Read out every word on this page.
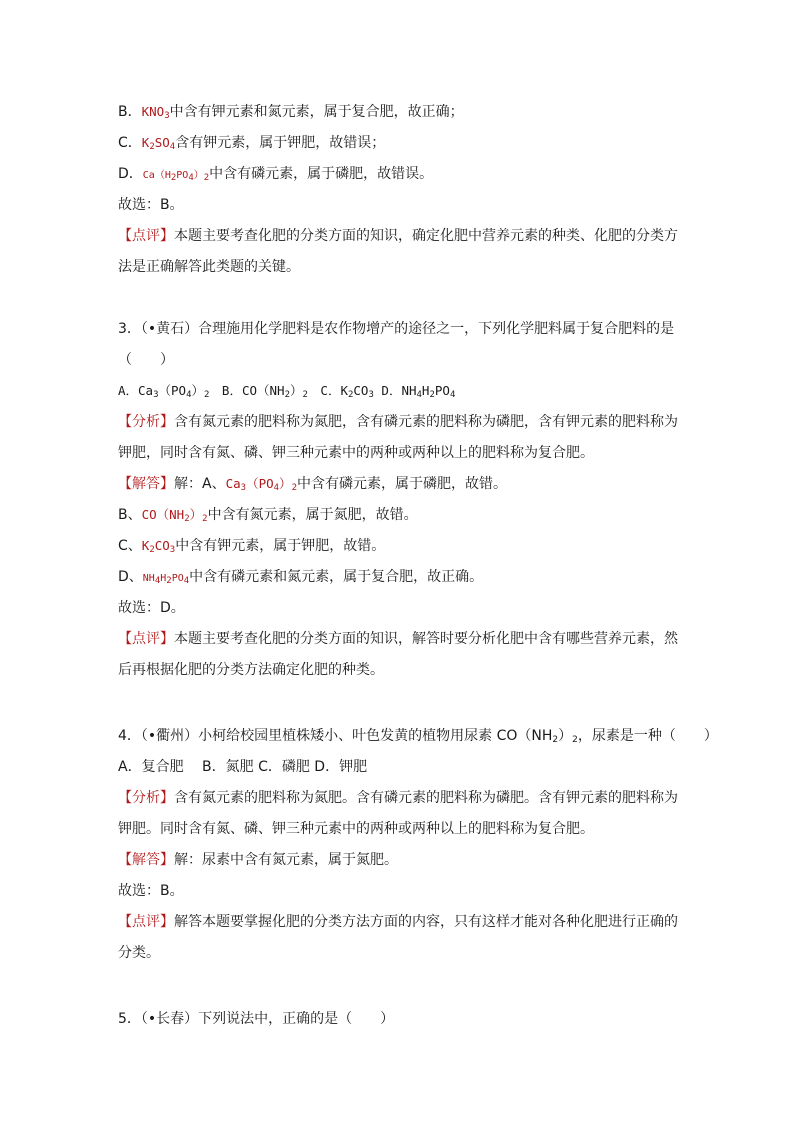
B．$KNO_3$中含有钾元素和氮元素，属于复合肥，故正确；
C．$K_2SO_4$含有钾元素，属于钾肥，故错误；
D．Ca（H2PO4）2中含有磷元素，属于磷肥，故错误。
故选：B。
【点评】本题主要考查化肥的分类方面的知识，确定化肥中营养元素的种类、化肥的分类方
法是正确解答此类题的关键。
3．（•黄石）合理施用化学肥料是农作物增产的途径之一，下列化学肥料属于复合肥料的是
（　　）
A．$Ca_3(PO_4)_2$　B．$CO(NH_2)_2$　C．$K_2CO_3$ D．$NH_4H_2PO_4$
【分析】含有氮元素的肥料称为氮肥，含有磷元素的肥料称为磷肥，含有钾元素的肥料称为
钾肥，同时含有氮、磷、钾三种元素中的两种或两种以上的肥料称为复合肥。
【解答】解：A、$Ca_3(PO_4)_2$中含有磷元素，属于磷肥，故错。
B、$CO(NH_2)_2$中含有氮元素，属于氮肥，故错。
C、$K_2CO_3$中含有钾元素，属于钾肥，故错。
D、NH4H2PO4中含有磷元素和氮元素，属于复合肥，故正确。
故选：D。
【点评】本题主要考查化肥的分类方面的知识，解答时要分析化肥中含有哪些营养元素，然
后再根据化肥的分类方法确定化肥的种类。
4．（•衢州）小柯给校园里植株矮小、叶色发黄的植物用尿素 $CO(NH_2)_2$，尿素是一种（　　）
A．复合肥　 B．氮肥 C．磷肥 D．钾肥
【分析】含有氮元素的肥料称为氮肥。含有磷元素的肥料称为磷肥。含有钾元素的肥料称为
钾肥。同时含有氮、磷、钾三种元素中的两种或两种以上的肥料称为复合肥。
【解答】解：尿素中含有氮元素，属于氮肥。
故选：B。
【点评】解答本题要掌握化肥的分类方法方面的内容，只有这样才能对各种化肥进行正确的
分类。
5．（•长春）下列说法中，正确的是（　　）
